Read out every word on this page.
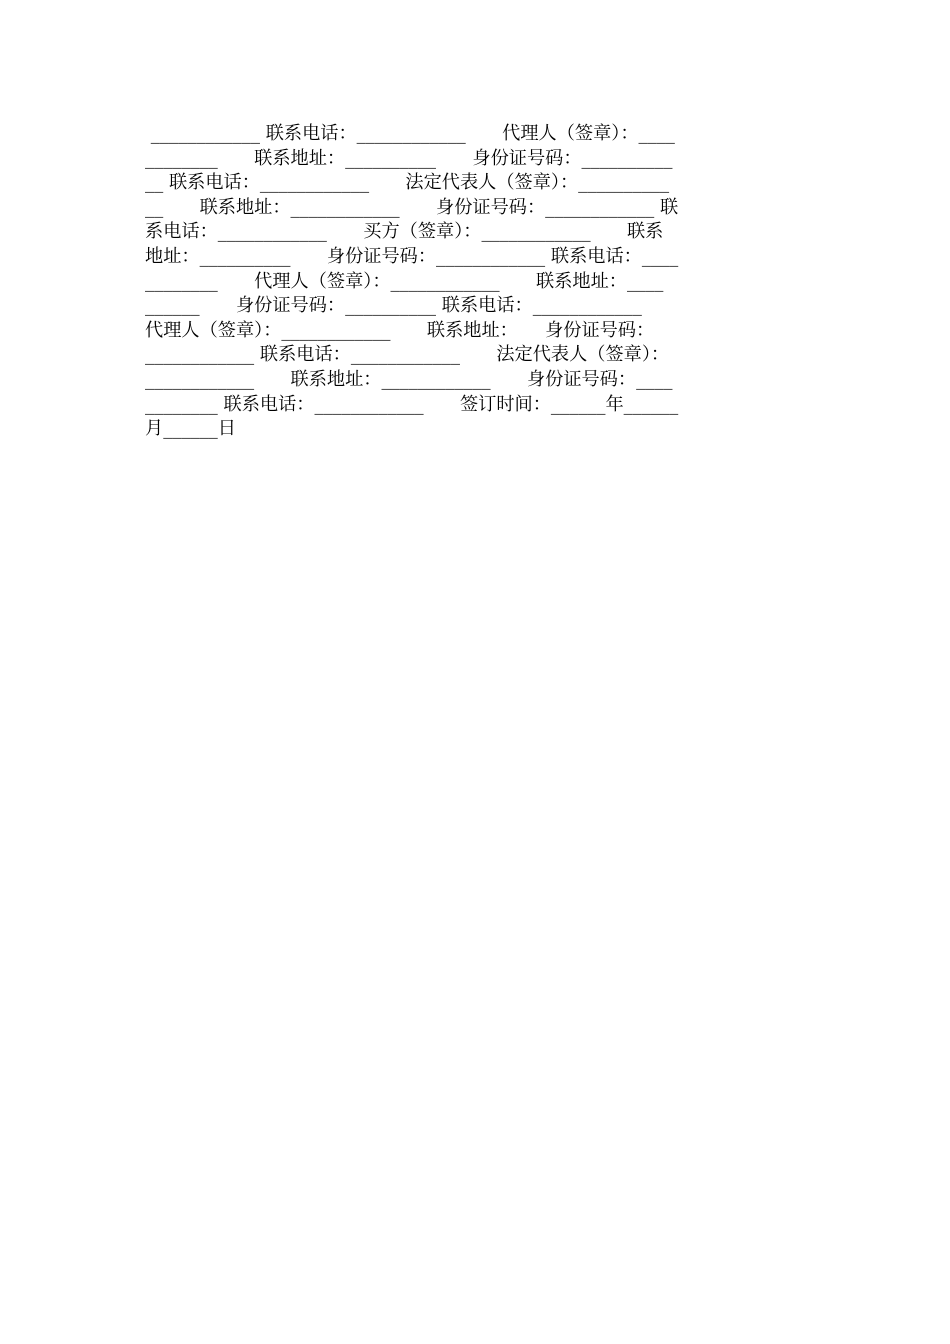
____________ 联系电话：____________　　代理人（签章）：____
________　　联系地址：__________　　身份证号码：__________
__ 联系电话：____________　　法定代表人（签章）：__________
__　　联系地址：____________　　身份证号码：____________ 联
系电话：____________　　买方（签章）：____________　　联系
地址：__________　　身份证号码：____________ 联系电话：____
________　　代理人（签章）：____________　　联系地址：____
______　　身份证号码：__________ 联系电话：____________
代理人（签章）：____________　　联系地址：　　身份证号码：
____________ 联系电话：____________　　法定代表人（签章）：
____________　　联系地址：____________　　身份证号码：____
________ 联系电话：____________　　签订时间：______年______
月______日
